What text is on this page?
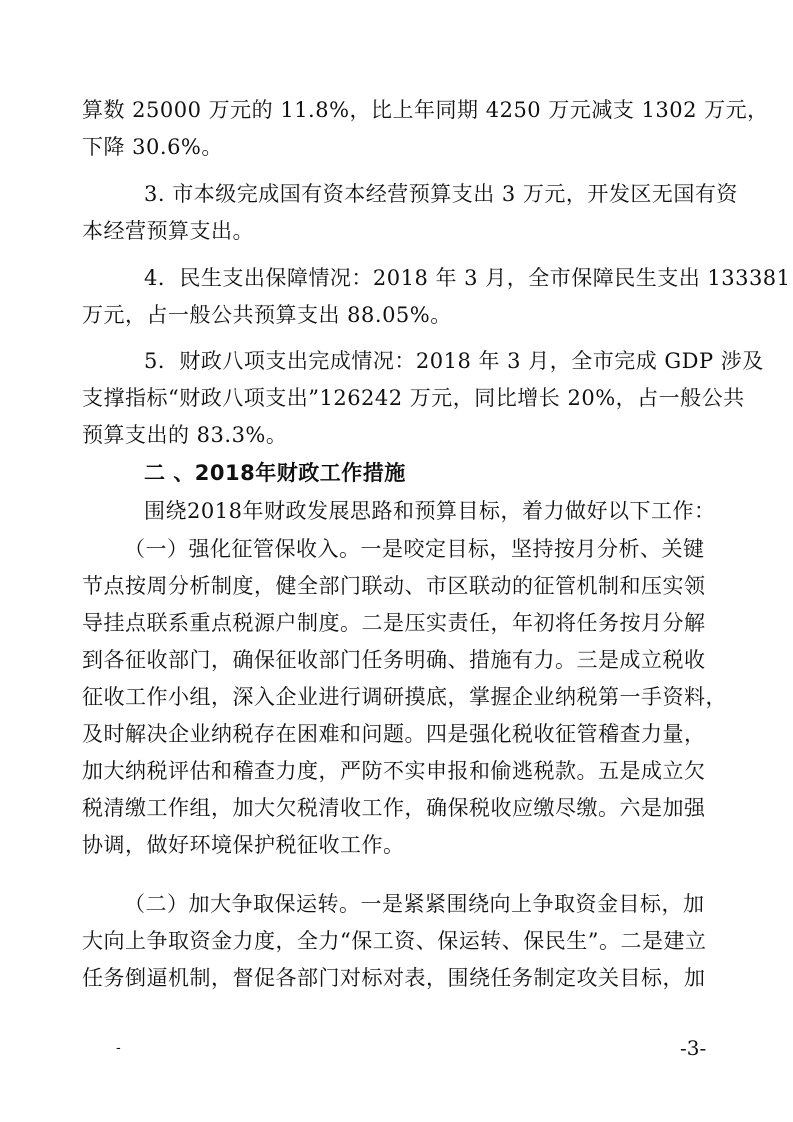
算数 25000 万元的 11.8%，比上年同期 4250 万元减支 1302 万元，
下降 30.6%。

3. 市本级完成国有资本经营预算支出 3 万元，开发区无国有资
本经营预算支出。

4．民生支出保障情况：2018 年 3 月，全市保障民生支出 133381
万元，占一般公共预算支出 88.05%。

5．财政八项支出完成情况：2018 年 3 月，全市完成 GDP 涉及
支撑指标“财政八项支出”126242 万元，同比增长 20%，占一般公共
预算支出的 83.3%。

二 、2018年财政工作措施

围绕2018年财政发展思路和预算目标，着力做好以下工作：

（一）强化征管保收入。一是咬定目标，坚持按月分析、关键
节点按周分析制度，健全部门联动、市区联动的征管机制和压实领
导挂点联系重点税源户制度。二是压实责任，年初将任务按月分解
到各征收部门，确保征收部门任务明确、措施有力。三是成立税收
征收工作小组，深入企业进行调研摸底，掌握企业纳税第一手资料，
及时解决企业纳税存在困难和问题。四是强化税收征管稽查力量，
加大纳税评估和稽查力度，严防不实申报和偷逃税款。五是成立欠
税清缴工作组，加大欠税清收工作，确保税收应缴尽缴。六是加强
协调，做好环境保护税征收工作。

（二）加大争取保运转。一是紧紧围绕向上争取资金目标，加
大向上争取资金力度，全力“保工资、保运转、保民生”。二是建立
任务倒逼机制，督促各部门对标对表，围绕任务制定攻关目标，加

-	-3-
